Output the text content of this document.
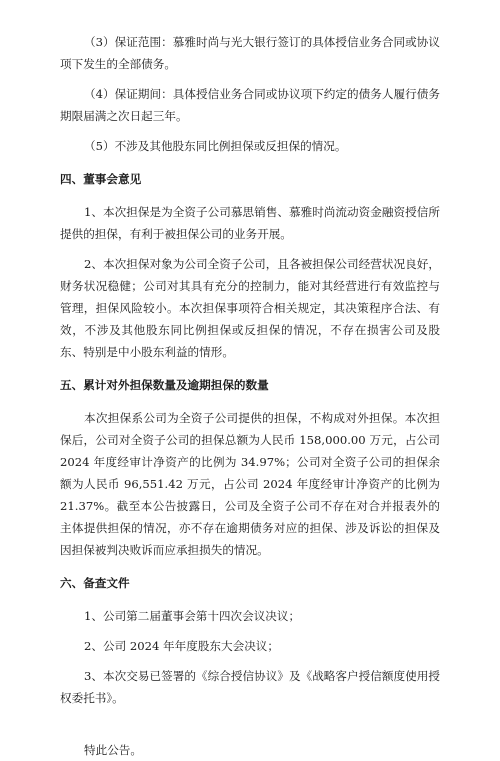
（3）保证范围：慕雅时尚与光大银行签订的具体授信业务合同或协议项下发生的全部债务。

（4）保证期间：具体授信业务合同或协议项下约定的债务人履行债务期限届满之次日起三年。

（5）不涉及其他股东同比例担保或反担保的情况。

四、董事会意见

1、本次担保是为全资子公司慕思销售、慕雅时尚流动资金融资授信所提供的担保，有利于被担保公司的业务开展。

2、本次担保对象为公司全资子公司，且各被担保公司经营状况良好，财务状况稳健；公司对其具有充分的控制力，能对其经营进行有效监控与管理，担保风险较小。本次担保事项符合相关规定，其决策程序合法、有效，不涉及其他股东同比例担保或反担保的情况，不存在损害公司及股东、特别是中小股东利益的情形。

五、累计对外担保数量及逾期担保的数量

本次担保系公司为全资子公司提供的担保，不构成对外担保。本次担保后，公司对全资子公司的担保总额为人民币 158,000.00 万元，占公司 2024 年度经审计净资产的比例为 34.97%；公司对全资子公司的担保余额为人民币 96,551.42 万元，占公司 2024 年度经审计净资产的比例为 21.37%。截至本公告披露日，公司及全资子公司不存在对合并报表外的主体提供担保的情况，亦不存在逾期债务对应的担保、涉及诉讼的担保及因担保被判决败诉而应承担损失的情况。

六、备查文件

1、公司第二届董事会第十四次会议决议；

2、公司 2024 年年度股东大会决议；

3、本次交易已签署的《综合授信协议》及《战略客户授信额度使用授权委托书》。

特此公告。
